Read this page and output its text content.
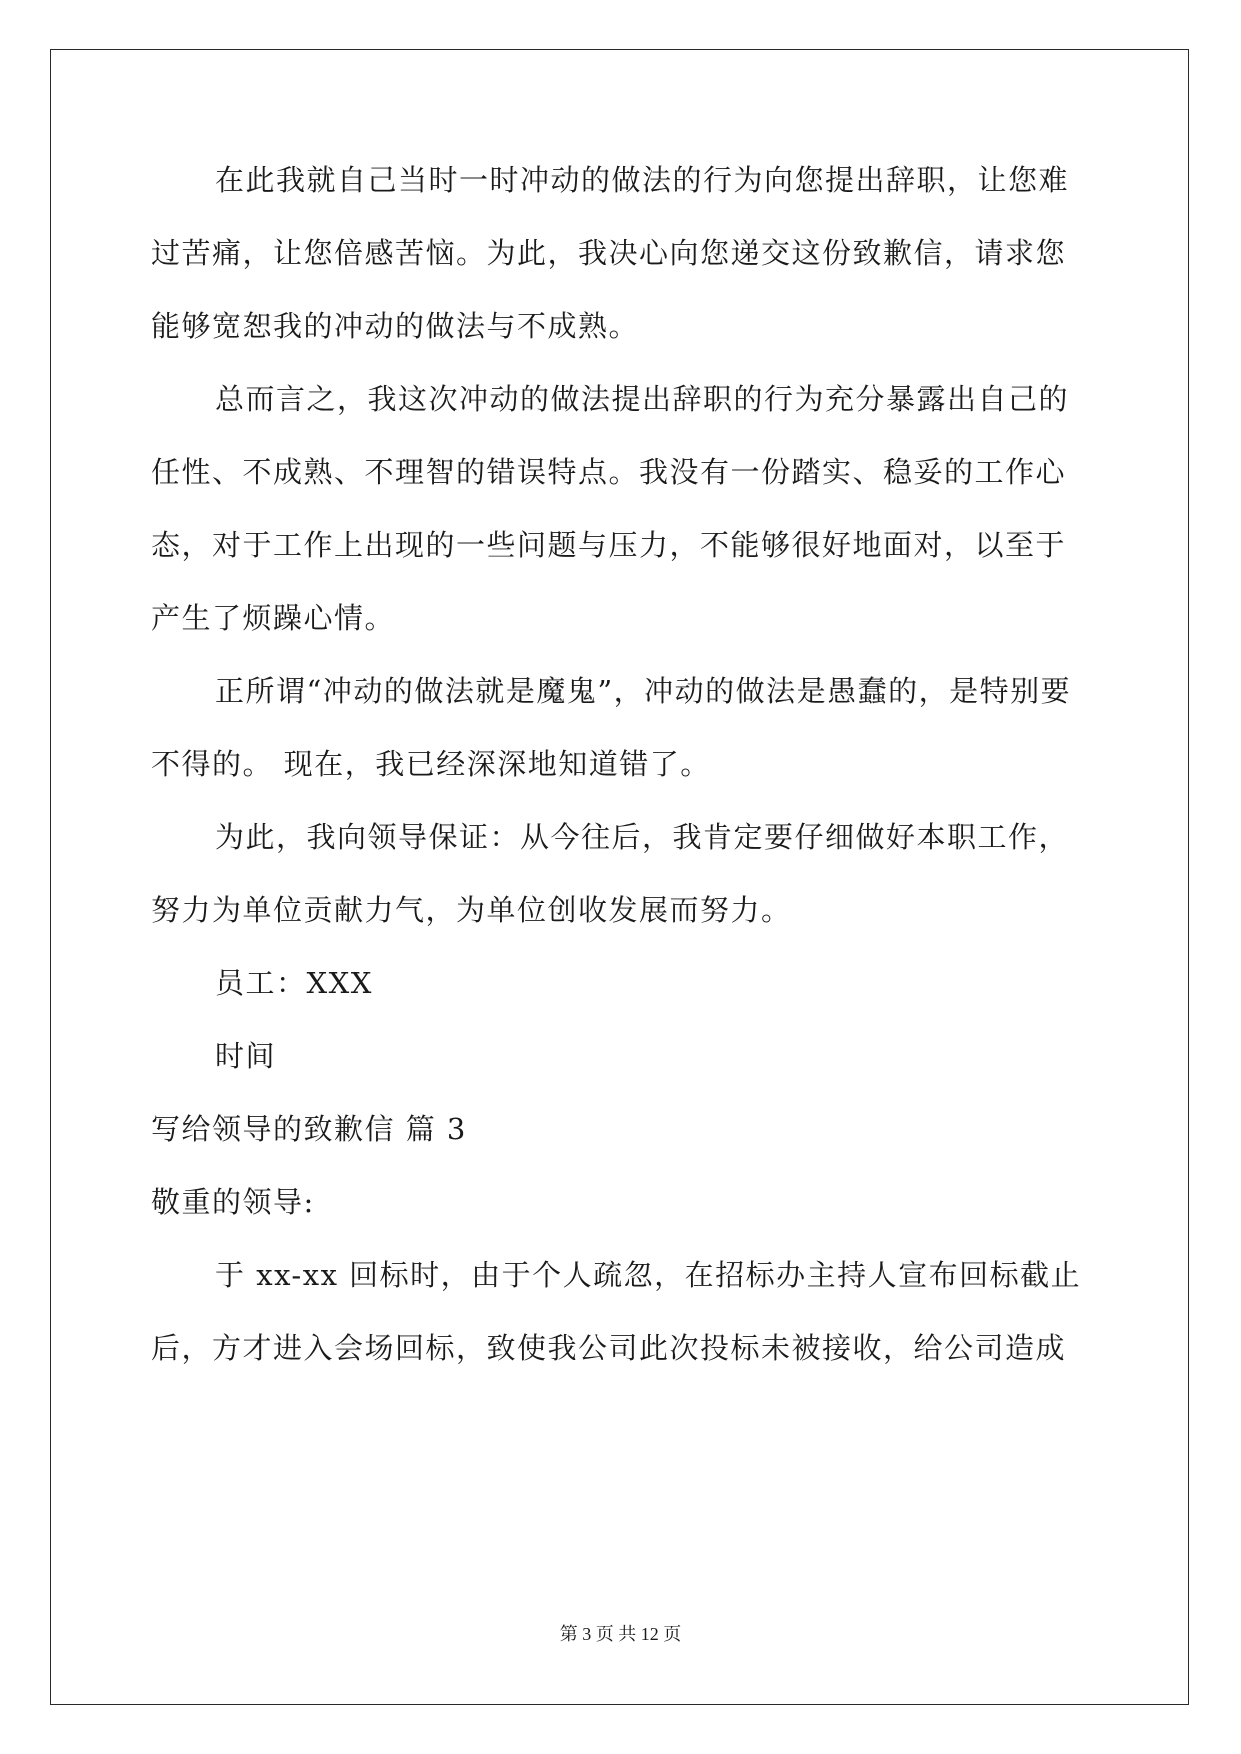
在此我就自己当时一时冲动的做法的行为向您提出辞职，让您难
过苦痛，让您倍感苦恼。为此，我决心向您递交这份致歉信，请求您
能够宽恕我的冲动的做法与不成熟。
总而言之，我这次冲动的做法提出辞职的行为充分暴露出自己的
任性、不成熟、不理智的错误特点。我没有一份踏实、稳妥的工作心
态，对于工作上出现的一些问题与压力，不能够很好地面对，以至于
产生了烦躁心情。
正所谓“冲动的做法就是魔鬼”，冲动的做法是愚蠢的，是特别要
不得的。 现在，我已经深深地知道错了。
为此，我向领导保证：从今往后，我肯定要仔细做好本职工作，
努力为单位贡献力气，为单位创收发展而努力。
员工：XXX
时间
写给领导的致歉信 篇 3
敬重的领导:
于 xx-xx 回标时，由于个人疏忽，在招标办主持人宣布回标截止
后，方才进入会场回标，致使我公司此次投标未被接收，给公司造成
第 3 页 共 12 页
